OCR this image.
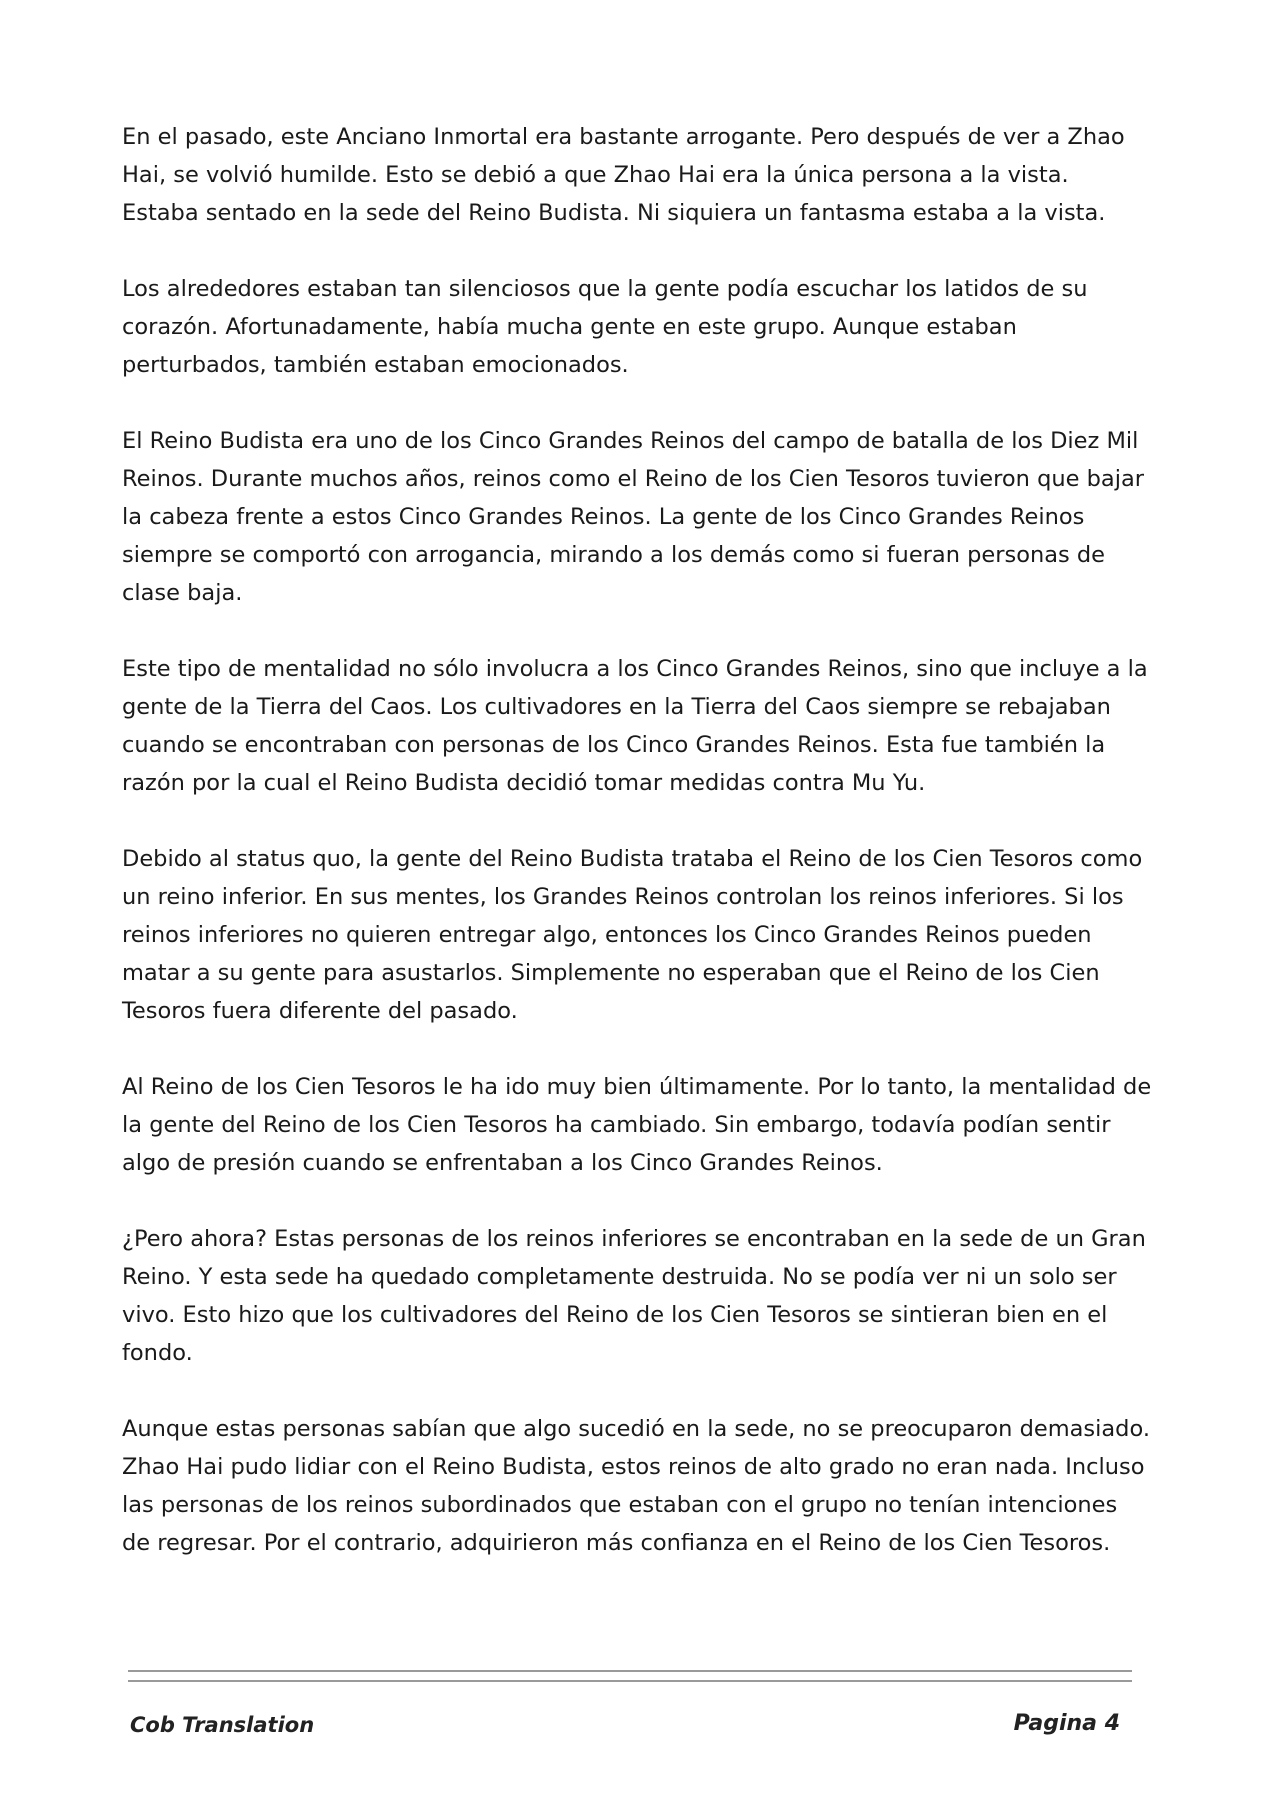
En el pasado, este Anciano Inmortal era bastante arrogante. Pero después de ver a Zhao Hai, se volvió humilde. Esto se debió a que Zhao Hai era la única persona a la vista. Estaba sentado en la sede del Reino Budista. Ni siquiera un fantasma estaba a la vista.

Los alrededores estaban tan silenciosos que la gente podía escuchar los latidos de su corazón. Afortunadamente, había mucha gente en este grupo. Aunque estaban perturbados, también estaban emocionados.

El Reino Budista era uno de los Cinco Grandes Reinos del campo de batalla de los Diez Mil Reinos. Durante muchos años, reinos como el Reino de los Cien Tesoros tuvieron que bajar la cabeza frente a estos Cinco Grandes Reinos. La gente de los Cinco Grandes Reinos siempre se comportó con arrogancia, mirando a los demás como si fueran personas de clase baja.

Este tipo de mentalidad no sólo involucra a los Cinco Grandes Reinos, sino que incluye a la gente de la Tierra del Caos. Los cultivadores en la Tierra del Caos siempre se rebajaban cuando se encontraban con personas de los Cinco Grandes Reinos. Esta fue también la razón por la cual el Reino Budista decidió tomar medidas contra Mu Yu.

Debido al status quo, la gente del Reino Budista trataba el Reino de los Cien Tesoros como un reino inferior. En sus mentes, los Grandes Reinos controlan los reinos inferiores. Si los reinos inferiores no quieren entregar algo, entonces los Cinco Grandes Reinos pueden matar a su gente para asustarlos. Simplemente no esperaban que el Reino de los Cien Tesoros fuera diferente del pasado.

Al Reino de los Cien Tesoros le ha ido muy bien últimamente. Por lo tanto, la mentalidad de la gente del Reino de los Cien Tesoros ha cambiado. Sin embargo, todavía podían sentir algo de presión cuando se enfrentaban a los Cinco Grandes Reinos.

¿Pero ahora? Estas personas de los reinos inferiores se encontraban en la sede de un Gran Reino. Y esta sede ha quedado completamente destruida. No se podía ver ni un solo ser vivo. Esto hizo que los cultivadores del Reino de los Cien Tesoros se sintieran bien en el fondo.

Aunque estas personas sabían que algo sucedió en la sede, no se preocuparon demasiado. Zhao Hai pudo lidiar con el Reino Budista, estos reinos de alto grado no eran nada. Incluso las personas de los reinos subordinados que estaban con el grupo no tenían intenciones de regresar. Por el contrario, adquirieron más confianza en el Reino de los Cien Tesoros.

Cob Translation	Pagina 4
